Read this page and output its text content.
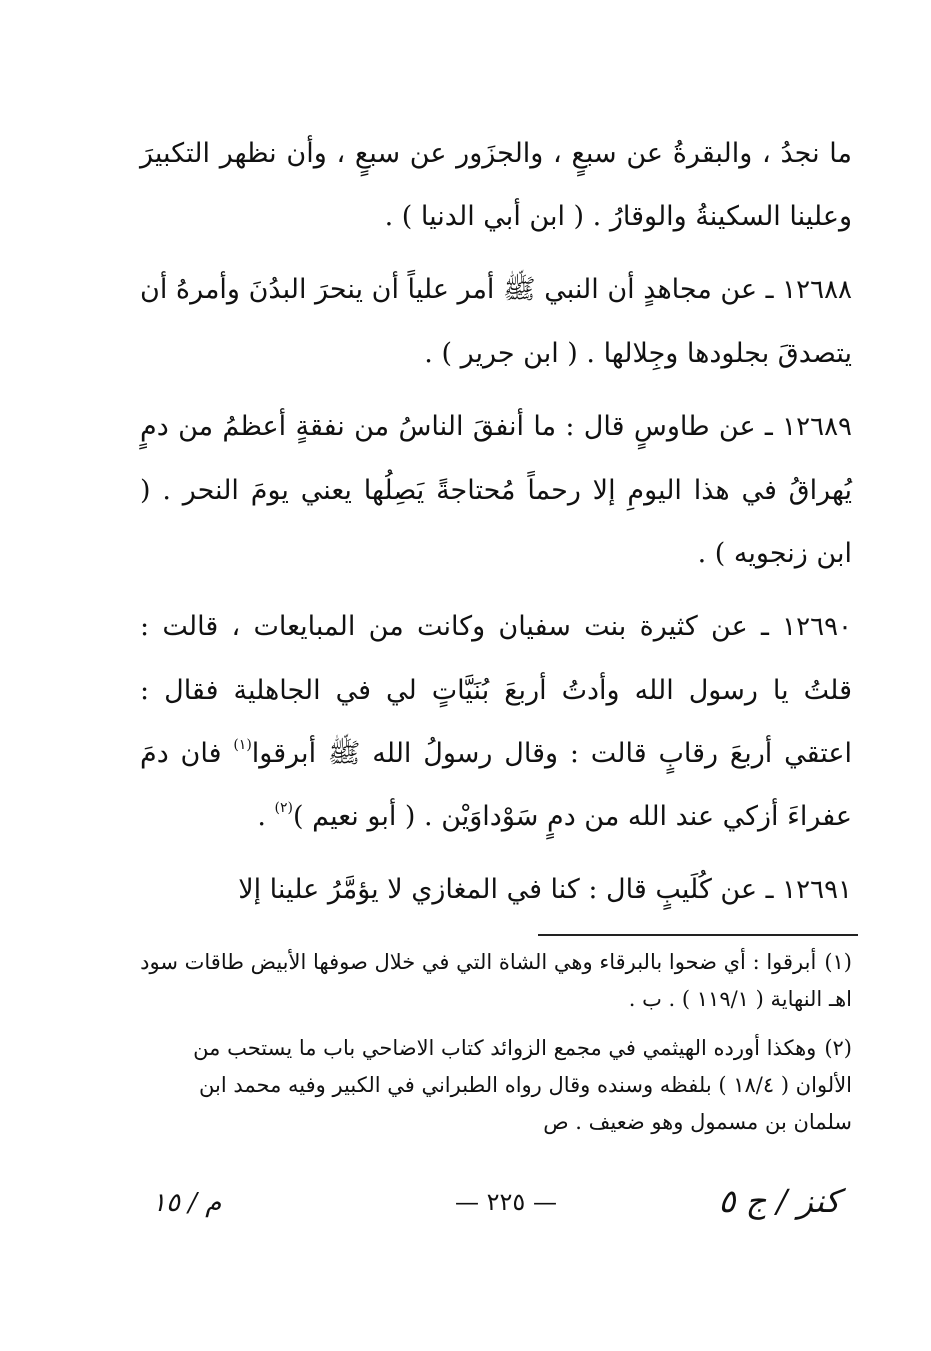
ما نجدُ ، والبقرةُ عن سبعٍ ، والجزَور عن سبعٍ ، وأن نظهر التكبيرَ وعلينا السكينةُ والوقارُ . ( ابن أبي الدنيا ) .

١٢٦٨٨ ـ عن مجاهدٍ أن النبي ﷺ أمر علياً أن ينحرَ البدُنَ وأمرهُ أن يتصدقَ بجلودها وجِلالها . ( ابن جرير ) .

١٢٦٨٩ ـ عن طاوسٍ قال : ما أنفقَ الناسُ من نفقةٍ أعظمُ من دمٍ يُهراقُ في هذا اليومِ إلا رحماً مُحتاجةً يَصِلُها يعني يومَ النحر . ( ابن زنجويه ) .

١٢٦٩٠ ـ عن كثيرة بنت سفيان وكانت من المبايعات ، قالت : قلتُ يا رسول الله وأدتُ أربعَ بُنَيَّاتٍ لي في الجاهلية فقال : اعتقي أربعَ رقابٍ قالت : وقال رسولُ الله ﷺ أبرقوا$^{(١)}$ فان دمَ عفراءَ أزكي عند الله من دمٍ سَوْداوَيْن . ( أبو نعيم )$^{(٢)}$ .

١٢٦٩١ ـ عن كُلَيبٍ قال : كنا في المغازي لا يؤمَّرُ علينا إلا

(١)أبرقوا : أي ضحوا بالبرقاء وهي الشاة التي في خلال صوفها الأبيض طاقات سود اهـ النهاية ( ١١٩/١ ) . ب .

(٢)وهكذا أورده الهيثمي في مجمع الزوائد كتاب الاضاحي باب ما يستحب من الألوان ( ١٨/٤ ) بلفظه وسنده وقال رواه الطبراني في الكبير وفيه محمد ابن سلمان بن مسمول وهو ضعيف . ص

كنز / ج ٥
— ٢٢٥ —
م / ١٥
